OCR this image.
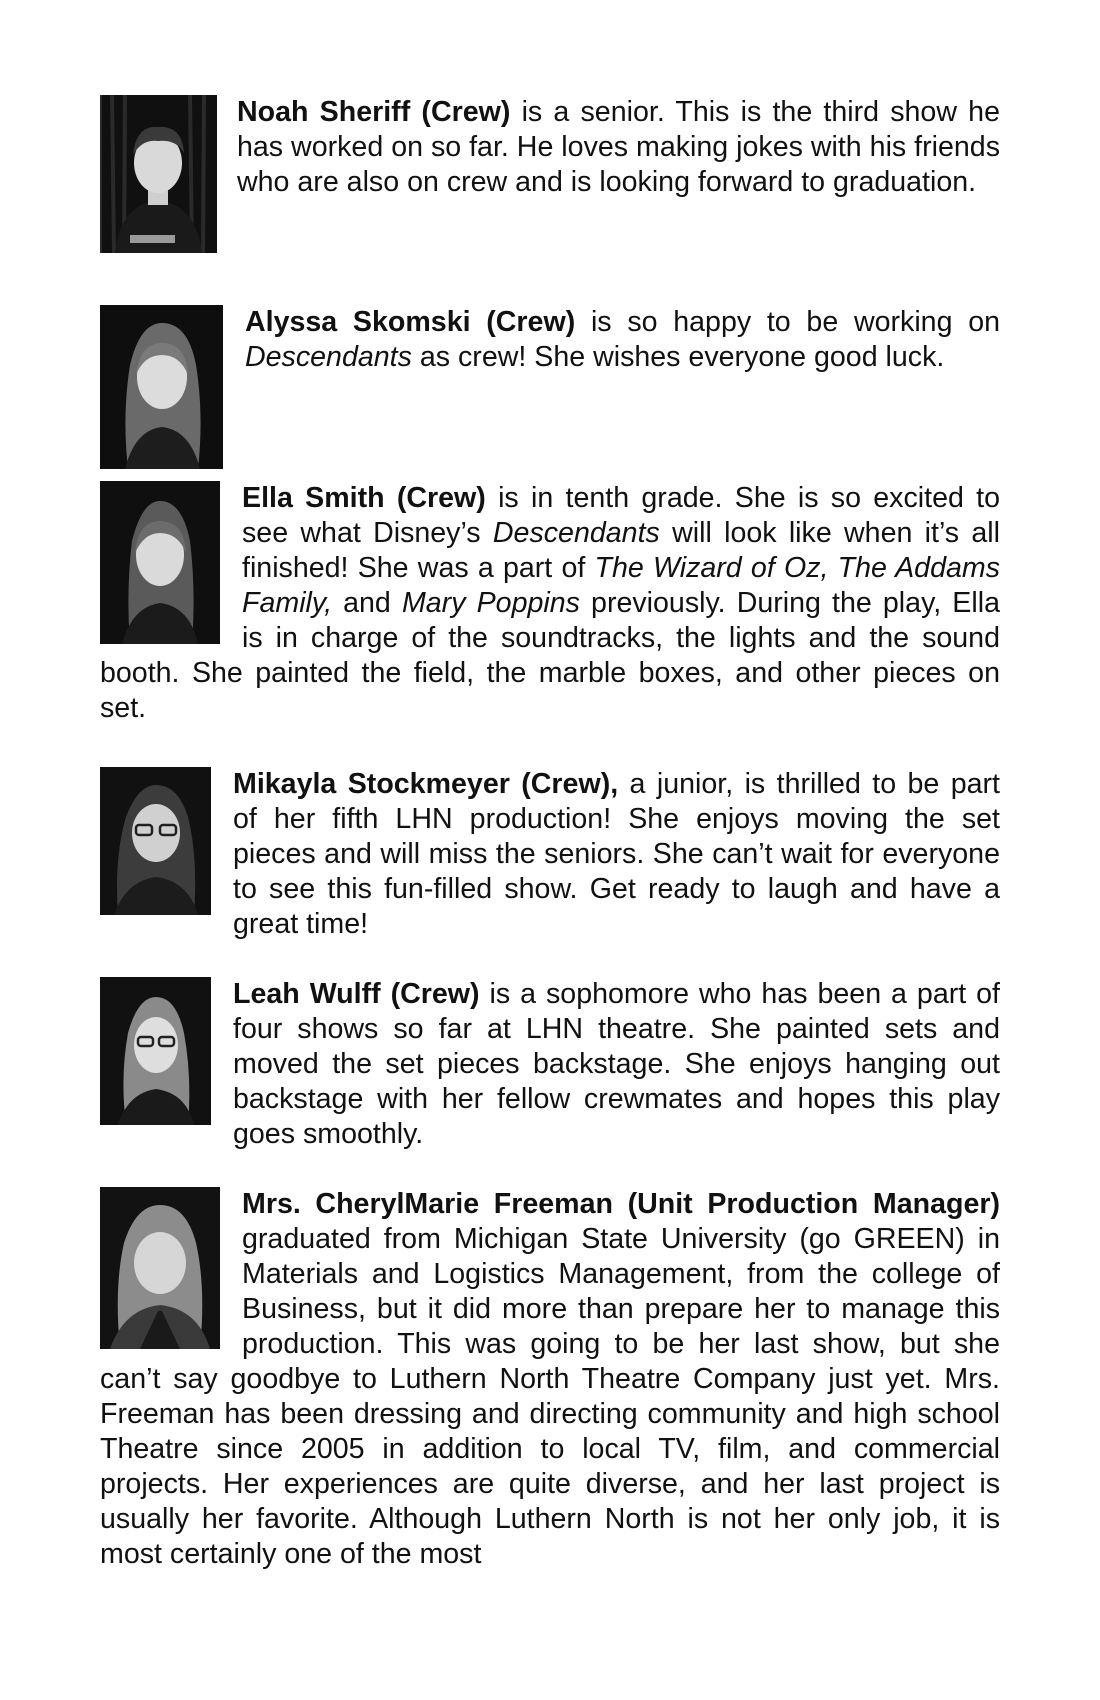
Noah Sheriff (Crew) is a senior. This is the third show he has worked on so far. He loves making jokes with his friends who are also on crew and is looking forward to graduation.

Alyssa Skomski (Crew) is so happy to be working on Descendants as crew! She wishes everyone good luck.

Ella Smith (Crew) is in tenth grade. She is so excited to see what Disney’s Descendants will look like when it’s all finished! She was a part of The Wizard of Oz, The Addams Family, and Mary Poppins previously. During the play, Ella is in charge of the soundtracks, the lights and the sound booth. She painted the field, the marble boxes, and other pieces on set.

Mikayla Stockmeyer (Crew), a junior, is thrilled to be part of her fifth LHN production! She enjoys moving the set pieces and will miss the seniors. She can’t wait for everyone to see this fun-filled show. Get ready to laugh and have a great time!

Leah Wulff (Crew) is a sophomore who has been a part of four shows so far at LHN theatre. She painted sets and moved the set pieces backstage. She enjoys hanging out backstage with her fellow crewmates and hopes this play goes smoothly.

Mrs. CherylMarie Freeman (Unit Production Manager) graduated from Michigan State University (go GREEN) in Materials and Logistics Management, from the college of Business, but it did more than prepare her to manage this production. This was going to be her last show, but she can’t say goodbye to Luthern North Theatre Company just yet. Mrs. Freeman has been dressing and directing community and high school Theatre since 2005 in addition to local TV, film, and commercial projects. Her experiences are quite diverse, and her last project is usually her favorite. Although Luthern North is not her only job, it is most certainly one of the most
